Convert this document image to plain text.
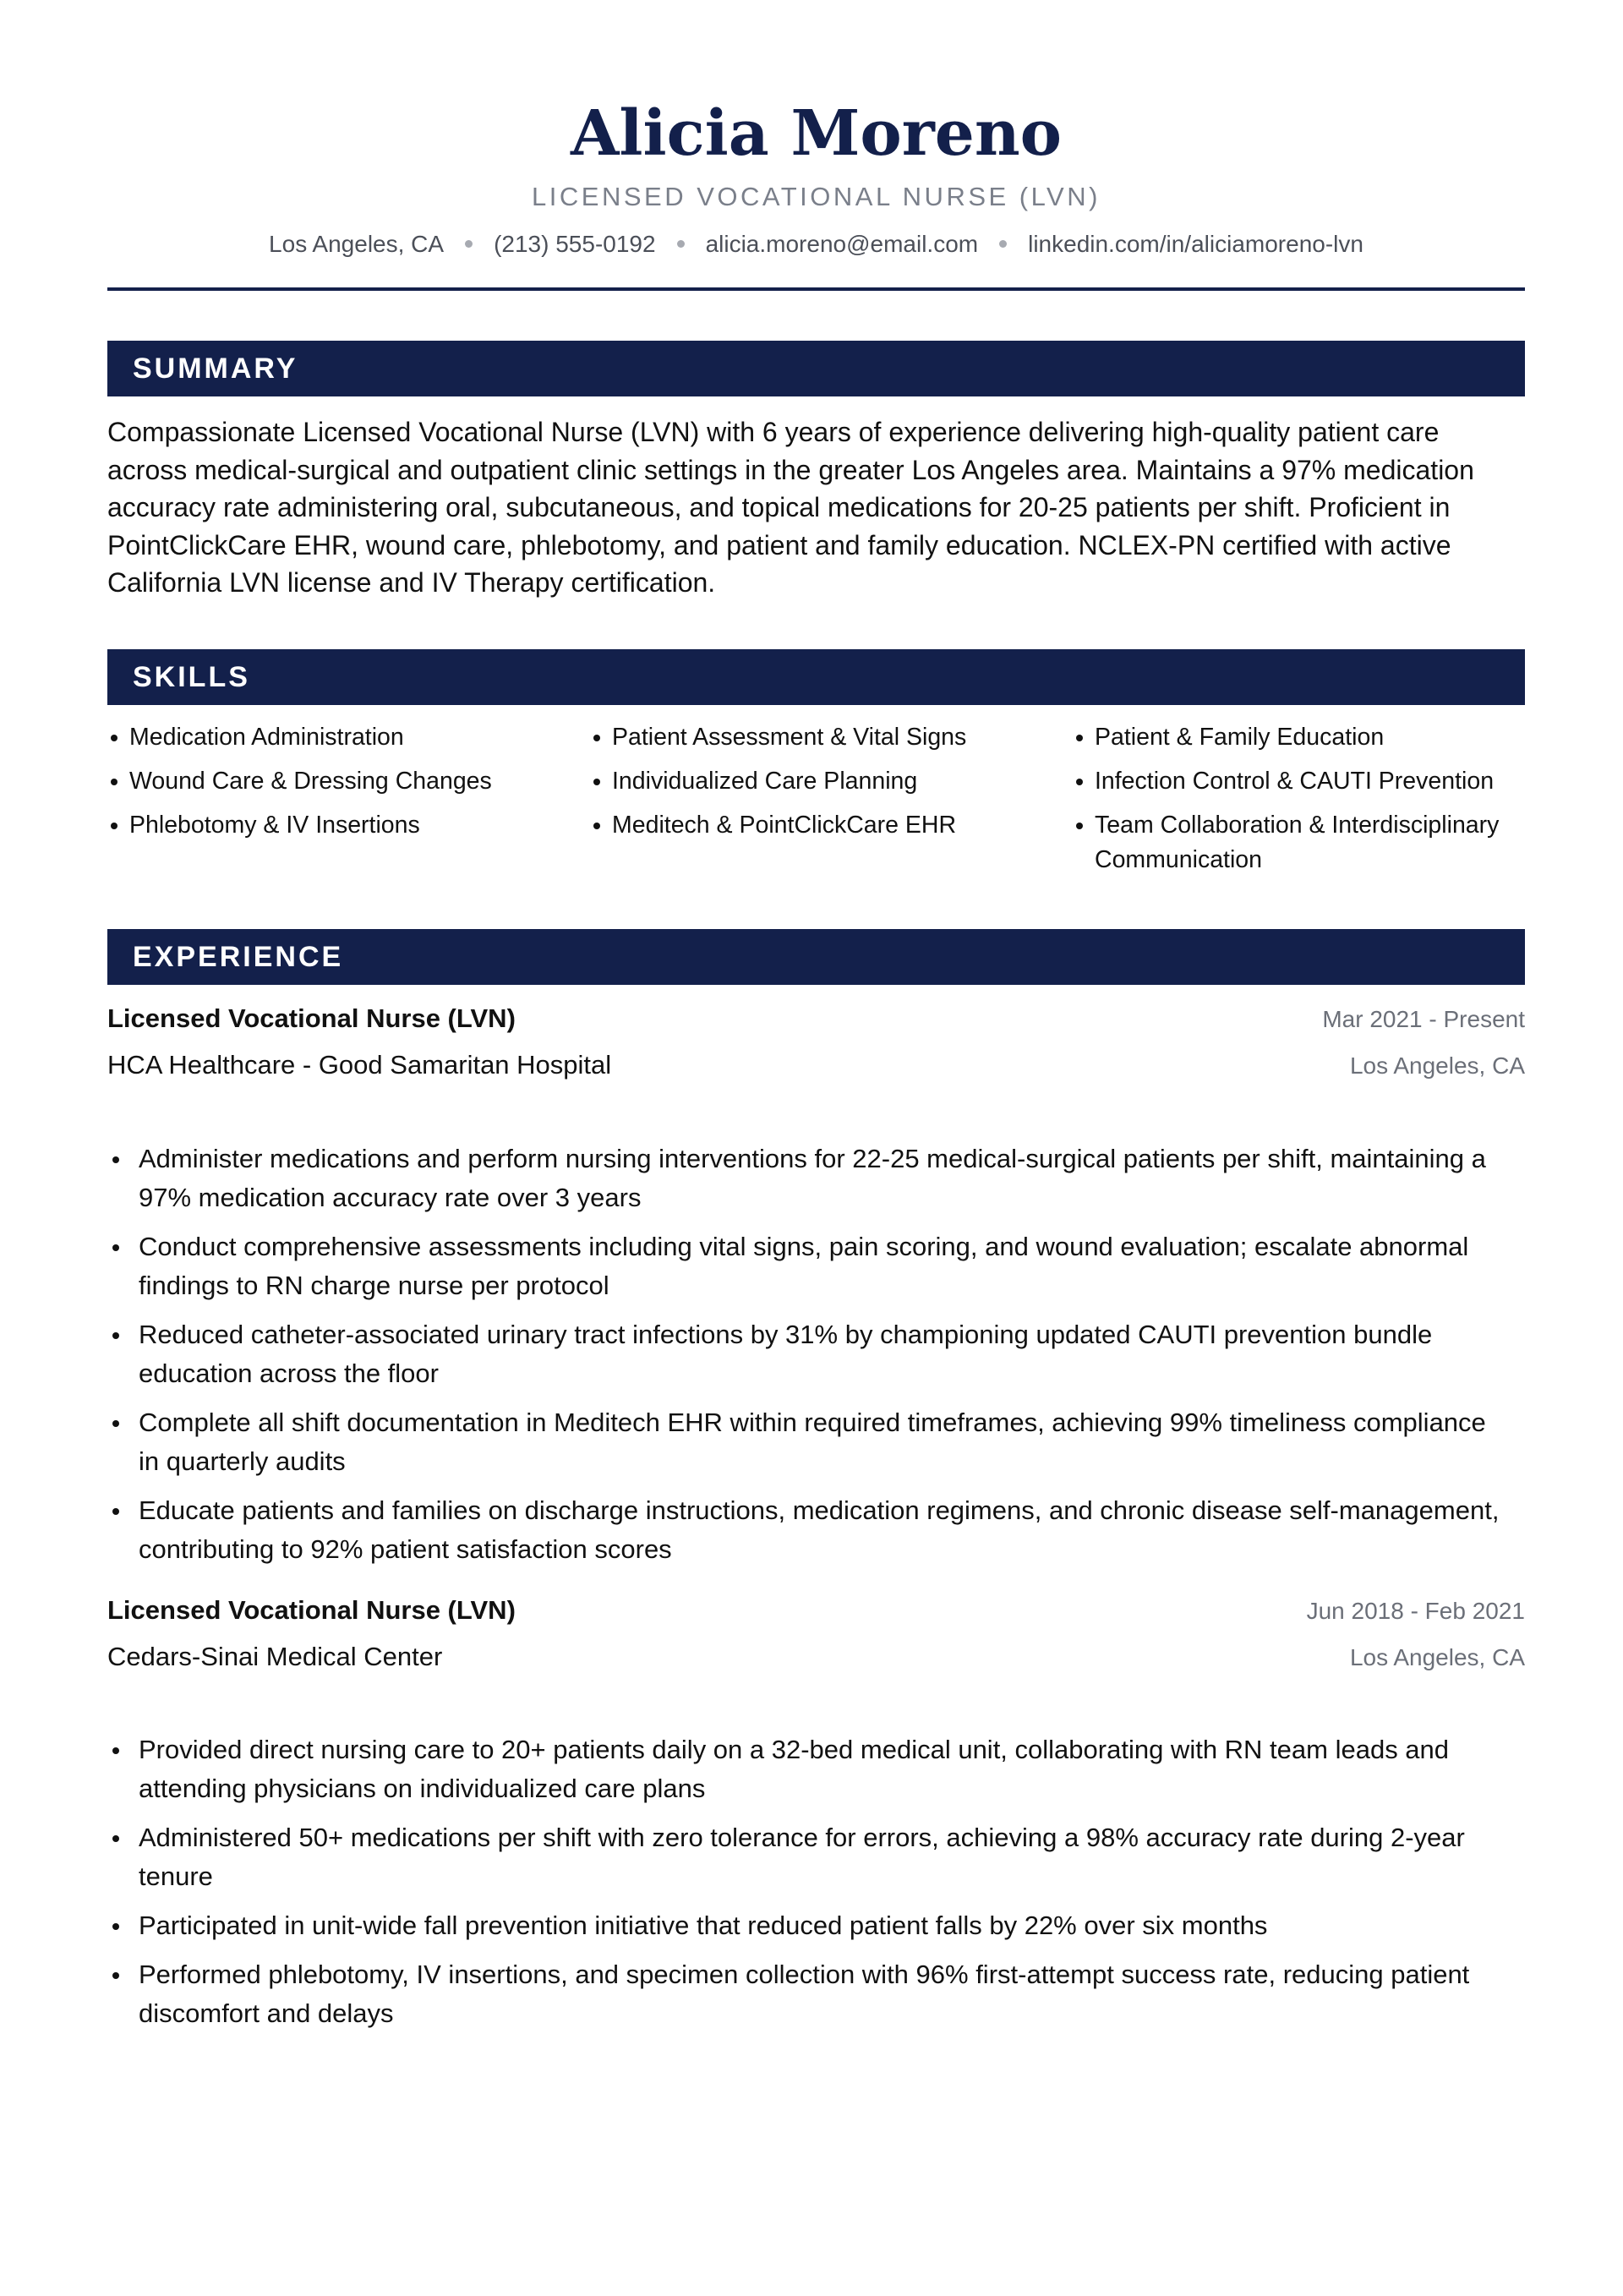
Alicia Moreno
LICENSED VOCATIONAL NURSE (LVN)
Los Angeles, CA (213) 555-0192 alicia.moreno@email.com linkedin.com/in/aliciamoreno-lvn
SUMMARY
Compassionate Licensed Vocational Nurse (LVN) with 6 years of experience delivering high-quality patient care across medical-surgical and outpatient clinic settings in the greater Los Angeles area. Maintains a 97% medication accuracy rate administering oral, subcutaneous, and topical medications for 20-25 patients per shift. Proficient in PointClickCare EHR, wound care, phlebotomy, and patient and family education. NCLEX-PN certified with active California LVN license and IV Therapy certification.
SKILLS
Medication Administration
Wound Care & Dressing Changes
Phlebotomy & IV Insertions
Patient Assessment & Vital Signs
Individualized Care Planning
Meditech & PointClickCare EHR
Patient & Family Education
Infection Control & CAUTI Prevention
Team Collaboration & Interdisciplinary Communication
EXPERIENCE
Licensed Vocational Nurse (LVN)	Mar 2021 - Present
HCA Healthcare - Good Samaritan Hospital	Los Angeles, CA
Administer medications and perform nursing interventions for 22-25 medical-surgical patients per shift, maintaining a 97% medication accuracy rate over 3 years
Conduct comprehensive assessments including vital signs, pain scoring, and wound evaluation; escalate abnormal findings to RN charge nurse per protocol
Reduced catheter-associated urinary tract infections by 31% by championing updated CAUTI prevention bundle education across the floor
Complete all shift documentation in Meditech EHR within required timeframes, achieving 99% timeliness compliance in quarterly audits
Educate patients and families on discharge instructions, medication regimens, and chronic disease self-management, contributing to 92% patient satisfaction scores
Licensed Vocational Nurse (LVN)	Jun 2018 - Feb 2021
Cedars-Sinai Medical Center	Los Angeles, CA
Provided direct nursing care to 20+ patients daily on a 32-bed medical unit, collaborating with RN team leads and attending physicians on individualized care plans
Administered 50+ medications per shift with zero tolerance for errors, achieving a 98% accuracy rate during 2-year tenure
Participated in unit-wide fall prevention initiative that reduced patient falls by 22% over six months
Performed phlebotomy, IV insertions, and specimen collection with 96% first-attempt success rate, reducing patient discomfort and delays
